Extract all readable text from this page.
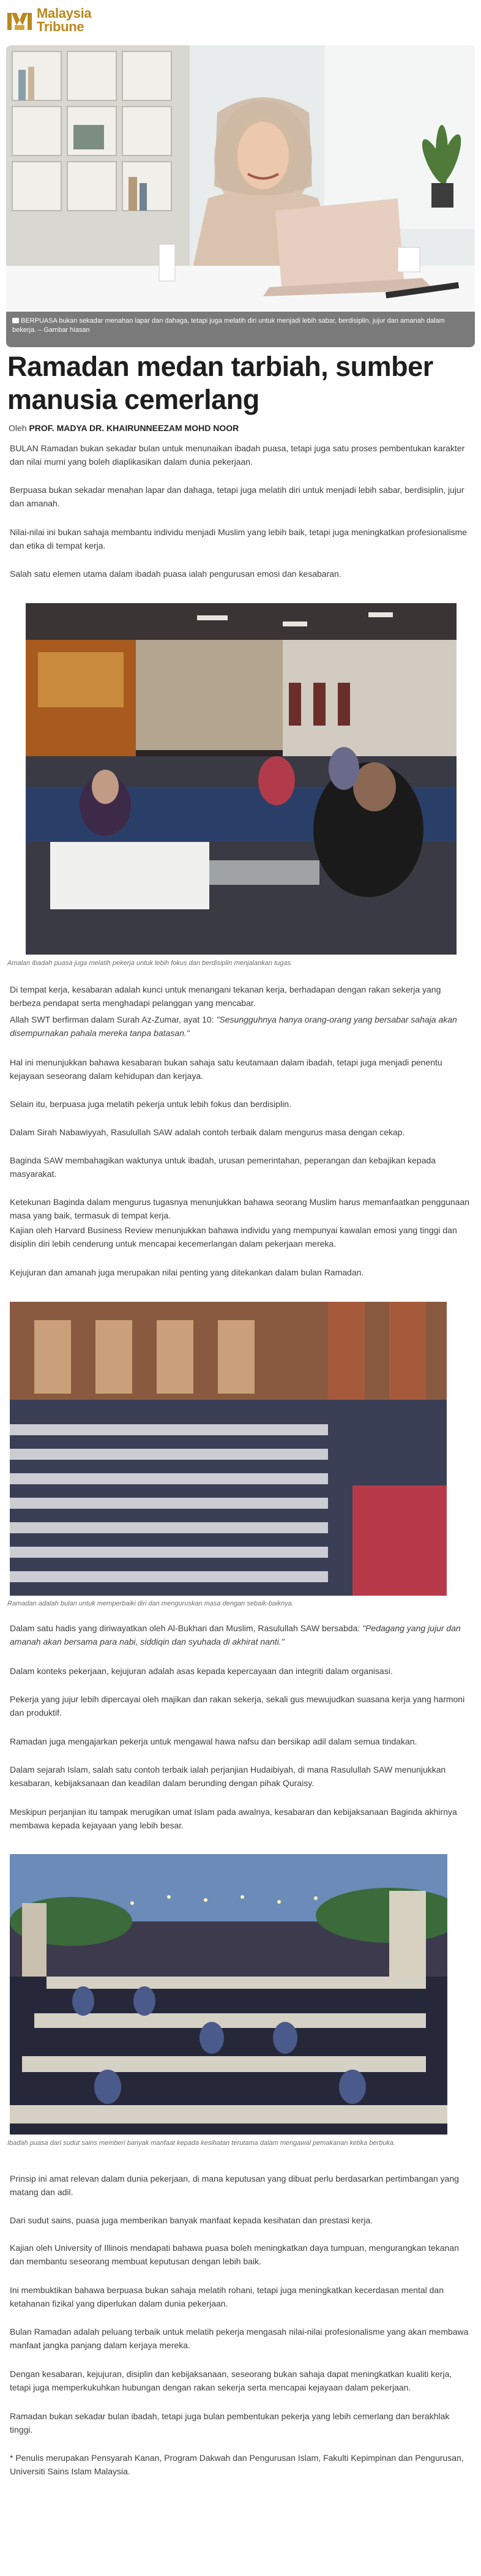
Malaysia
Tribune
BERPUASA bukan sekadar menahan lapar dan dahaga, tetapi juga melatih diri untuk menjadi lebih sabar, berdisiplin, jujur dan amanah dalam bekerja. – Gambar hiasan
Ramadan medan tarbiah, sumber manusia cemerlang
Oleh PROF. MADYA DR. KHAIRUNNEEZAM MOHD NOOR

BULAN Ramadan bukan sekadar bulan untuk menunaikan ibadah puasa, tetapi juga satu proses pembentukan karakter dan nilai murni yang boleh diaplikasikan dalam dunia pekerjaan.

Berpuasa bukan sekadar menahan lapar dan dahaga, tetapi juga melatih diri untuk menjadi lebih sabar, berdisiplin, jujur dan amanah.

Nilai-nilai ini bukan sahaja membantu individu menjadi Muslim yang lebih baik, tetapi juga meningkatkan profesionalisme dan etika di tempat kerja.

Salah satu elemen utama dalam ibadah puasa ialah pengurusan emosi dan kesabaran.

Amalan ibadah puasa juga melatih pekerja untuk lebih fokus dan berdisiplin menjalankan tugas.

Di tempat kerja, kesabaran adalah kunci untuk menangani tekanan kerja, berhadapan dengan rakan sekerja yang berbeza pendapat serta menghadapi pelanggan yang mencabar.

Allah SWT berfirman dalam Surah Az-Zumar, ayat 10: "Sesungguhnya hanya orang-orang yang bersabar sahaja akan disempurnakan pahala mereka tanpa batasan."

Hal ini menunjukkan bahawa kesabaran bukan sahaja satu keutamaan dalam ibadah, tetapi juga menjadi penentu kejayaan seseorang dalam kehidupan dan kerjaya.

Selain itu, berpuasa juga melatih pekerja untuk lebih fokus dan berdisiplin.

Dalam Sirah Nabawiyyah, Rasulullah SAW adalah contoh terbaik dalam mengurus masa dengan cekap.

Baginda SAW membahagikan waktunya untuk ibadah, urusan pemerintahan, peperangan dan kebajikan kepada masyarakat.

Ketekunan Baginda dalam mengurus tugasnya menunjukkan bahawa seorang Muslim harus memanfaatkan penggunaan masa yang baik, termasuk di tempat kerja.

Kajian oleh Harvard Business Review menunjukkan bahawa individu yang mempunyai kawalan emosi yang tinggi dan disiplin diri lebih cenderung untuk mencapai kecemerlangan dalam pekerjaan mereka.

Kejujuran dan amanah juga merupakan nilai penting yang ditekankan dalam bulan Ramadan.

Ramadan adalah bulan untuk memperbaiki diri dan menguruskan masa dengan sebaik-baiknya.

Dalam satu hadis yang diriwayatkan oleh Al-Bukhari dan Muslim, Rasulullah SAW bersabda: "Pedagang yang jujur dan amanah akan bersama para nabi, siddiqin dan syuhada di akhirat nanti."

Dalam konteks pekerjaan, kejujuran adalah asas kepada kepercayaan dan integriti dalam organisasi.

Pekerja yang jujur lebih dipercayai oleh majikan dan rakan sekerja, sekali gus mewujudkan suasana kerja yang harmoni dan produktif.

Ramadan juga mengajarkan pekerja untuk mengawal hawa nafsu dan bersikap adil dalam semua tindakan.

Dalam sejarah Islam, salah satu contoh terbaik ialah perjanjian Hudaibiyah, di mana Rasulullah SAW menunjukkan kesabaran, kebijaksanaan dan keadilan dalam berunding dengan pihak Quraisy.

Meskipun perjanjian itu tampak merugikan umat Islam pada awalnya, kesabaran dan kebijaksanaan Baginda akhirnya membawa kepada kejayaan yang lebih besar.

Ibadah puasa dari sudut sains memberi banyak manfaat kepada kesihatan terutama dalam mengawal pemakanan ketika berbuka.

Prinsip ini amat relevan dalam dunia pekerjaan, di mana keputusan yang dibuat perlu berdasarkan pertimbangan yang matang dan adil.

Dari sudut sains, puasa juga memberikan banyak manfaat kepada kesihatan dan prestasi kerja.

Kajian oleh University of Illinois mendapati bahawa puasa boleh meningkatkan daya tumpuan, mengurangkan tekanan dan membantu seseorang membuat keputusan dengan lebih baik.

Ini membuktikan bahawa berpuasa bukan sahaja melatih rohani, tetapi juga meningkatkan kecerdasan mental dan ketahanan fizikal yang diperlukan dalam dunia pekerjaan.

Bulan Ramadan adalah peluang terbaik untuk melatih pekerja mengasah nilai-nilai profesionalisme yang akan membawa manfaat jangka panjang dalam kerjaya mereka.

Dengan kesabaran, kejujuran, disiplin dan kebijaksanaan, seseorang bukan sahaja dapat meningkatkan kualiti kerja, tetapi juga memperkukuhkan hubungan dengan rakan sekerja serta mencapai kejayaan dalam pekerjaan.

Ramadan bukan sekadar bulan ibadah, tetapi juga bulan pembentukan pekerja yang lebih cemerlang dan berakhlak tinggi.

* Penulis merupakan Pensyarah Kanan, Program Dakwah dan Pengurusan Islam, Fakulti Kepimpinan dan Pengurusan, Universiti Sains Islam Malaysia.
